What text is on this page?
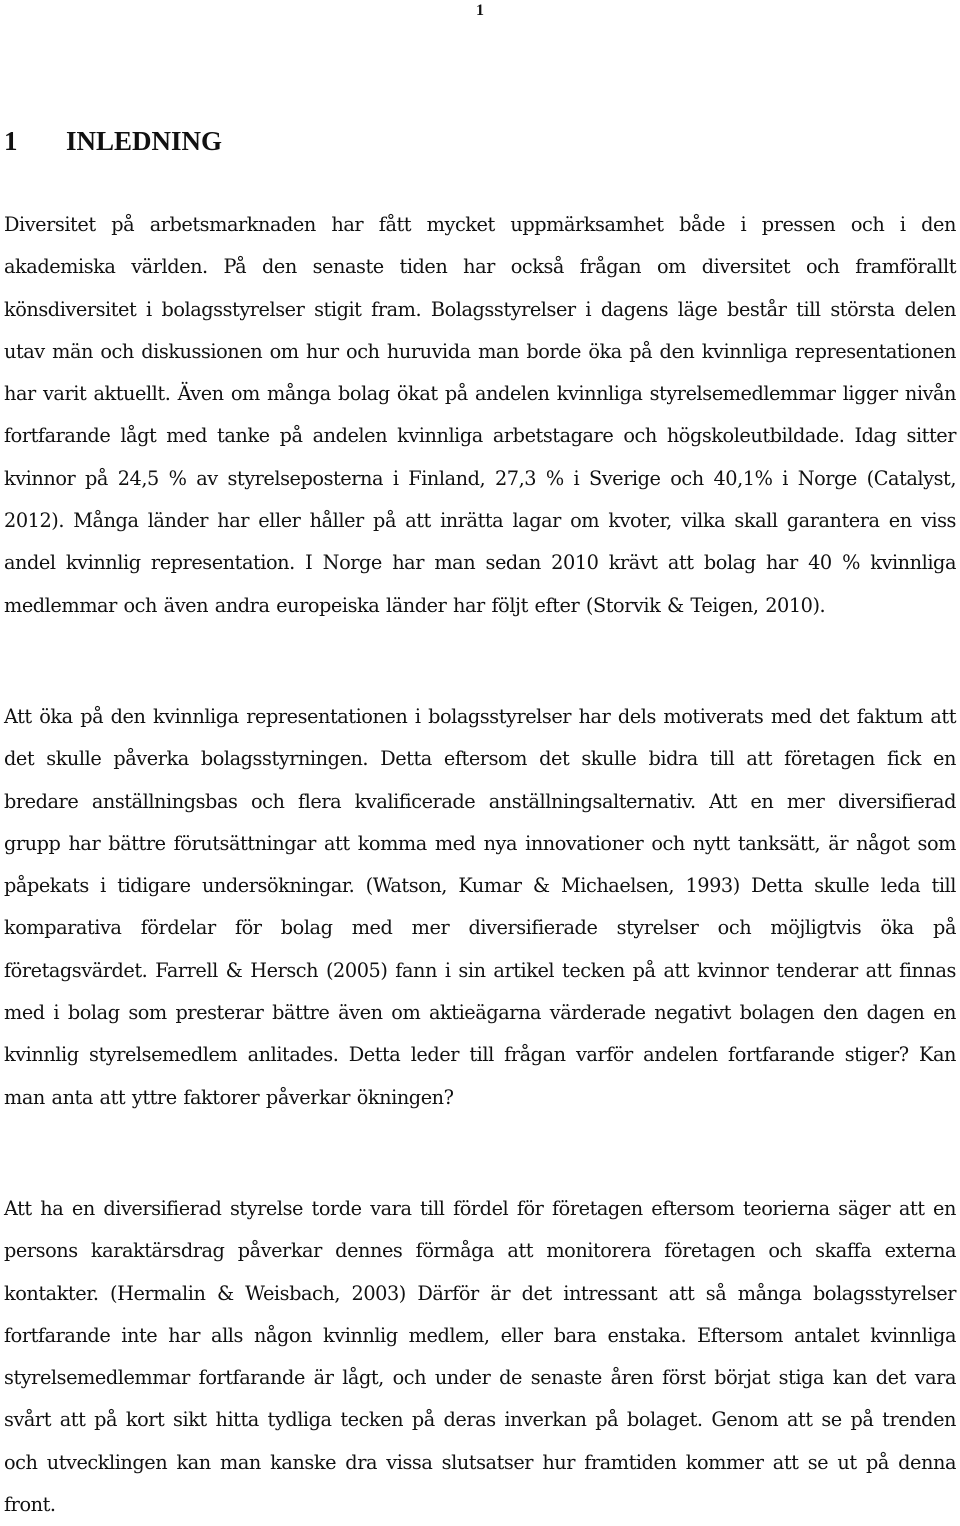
1
1 INLEDNING

Diversitet på arbetsmarknaden har fått mycket uppmärksamhet både i pressen och i den akademiska världen. På den senaste tiden har också frågan om diversitet och framförallt könsdiversitet i bolagsstyrelser stigit fram. Bolagsstyrelser i dagens läge består till största delen utav män och diskussionen om hur och huruvida man borde öka på den kvinnliga representationen har varit aktuellt. Även om många bolag ökat på andelen kvinnliga styrelsemedlemmar ligger nivån fortfarande lågt med tanke på andelen kvinnliga arbetstagare och högskoleutbildade. Idag sitter kvinnor på 24,5 % av styrelseposterna i Finland, 27,3 % i Sverige och 40,1% i Norge (Catalyst, 2012). Många länder har eller håller på att inrätta lagar om kvoter, vilka skall garantera en viss andel kvinnlig representation. I Norge har man sedan 2010 krävt att bolag har 40 % kvinnliga medlemmar och även andra europeiska länder har följt efter (Storvik & Teigen, 2010).

Att öka på den kvinnliga representationen i bolagsstyrelser har dels motiverats med det faktum att det skulle påverka bolagsstyrningen. Detta eftersom det skulle bidra till att företagen fick en bredare anställningsbas och flera kvalificerade anställningsalternativ. Att en mer diversifierad grupp har bättre förutsättningar att komma med nya innovationer och nytt tanksätt, är något som påpekats i tidigare undersökningar. (Watson, Kumar & Michaelsen, 1993) Detta skulle leda till komparativa fördelar för bolag med mer diversifierade styrelser och möjligtvis öka på företagsvärdet. Farrell & Hersch (2005) fann i sin artikel tecken på att kvinnor tenderar att finnas med i bolag som presterar bättre även om aktieägarna värderade negativt bolagen den dagen en kvinnlig styrelsemedlem anlitades. Detta leder till frågan varför andelen fortfarande stiger? Kan man anta att yttre faktorer påverkar ökningen?

Att ha en diversifierad styrelse torde vara till fördel för företagen eftersom teorierna säger att en persons karaktärsdrag påverkar dennes förmåga att monitorera företagen och skaffa externa kontakter. (Hermalin & Weisbach, 2003) Därför är det intressant att så många bolagsstyrelser fortfarande inte har alls någon kvinnlig medlem, eller bara enstaka. Eftersom antalet kvinnliga styrelsemedlemmar fortfarande är lågt, och under de senaste åren först börjat stiga kan det vara svårt att på kort sikt hitta tydliga tecken på deras inverkan på bolaget. Genom att se på trenden och utvecklingen kan man kanske dra vissa slutsatser hur framtiden kommer att se ut på denna front.
